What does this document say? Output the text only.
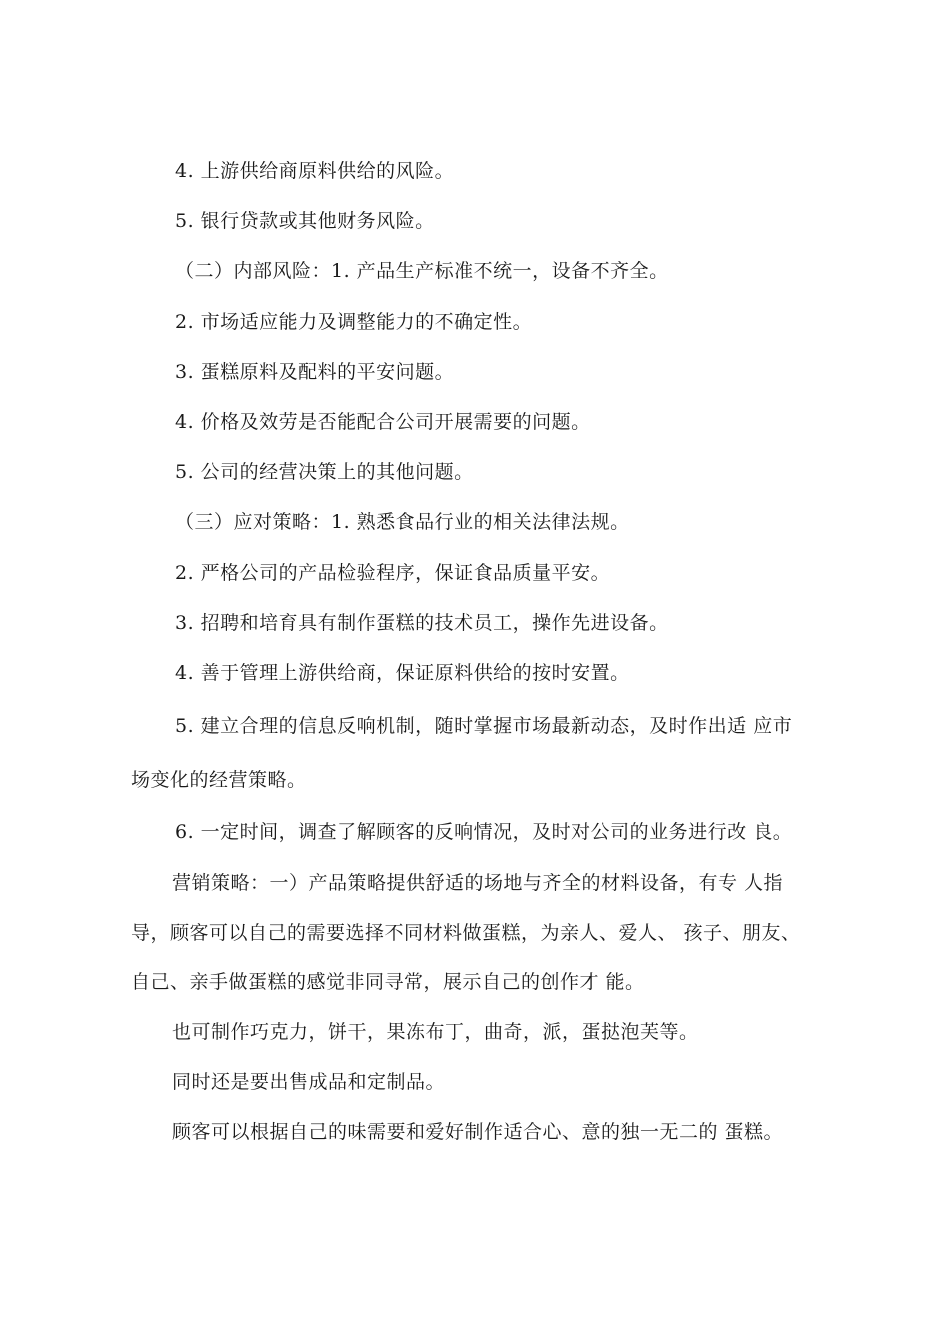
4. 上游供给商原料供给的风险。
5. 银行贷款或其他财务风险。
（二）内部风险：1. 产品生产标准不统一，设备不齐全。
2. 市场适应能力及调整能力的不确定性。
3. 蛋糕原料及配料的平安问题。
4. 价格及效劳是否能配合公司开展需要的问题。
5. 公司的经营决策上的其他问题。
（三）应对策略：1. 熟悉食品行业的相关法律法规。
2. 严格公司的产品检验程序，保证食品质量平安。
3. 招聘和培育具有制作蛋糕的技术员工，操作先进设备。
4. 善于管理上游供给商，保证原料供给的按时安置。
5. 建立合理的信息反响机制，随时掌握市场最新动态，及时作出适 应市
场变化的经营策略。
6. 一定时间，调查了解顾客的反响情况，及时对公司的业务进行改 良。
营销策略：一）产品策略提供舒适的场地与齐全的材料设备，有专 人指
导，顾客可以自己的需要选择不同材料做蛋糕，为亲人、爱人、 孩子、朋友、
自己、亲手做蛋糕的感觉非同寻常，展示自己的创作才 能。
也可制作巧克力，饼干，果冻布丁，曲奇，派，蛋挞泡芙等。
同时还是要出售成品和定制品。
顾客可以根据自己的味需要和爱好制作适合心、意的独一无二的 蛋糕。
